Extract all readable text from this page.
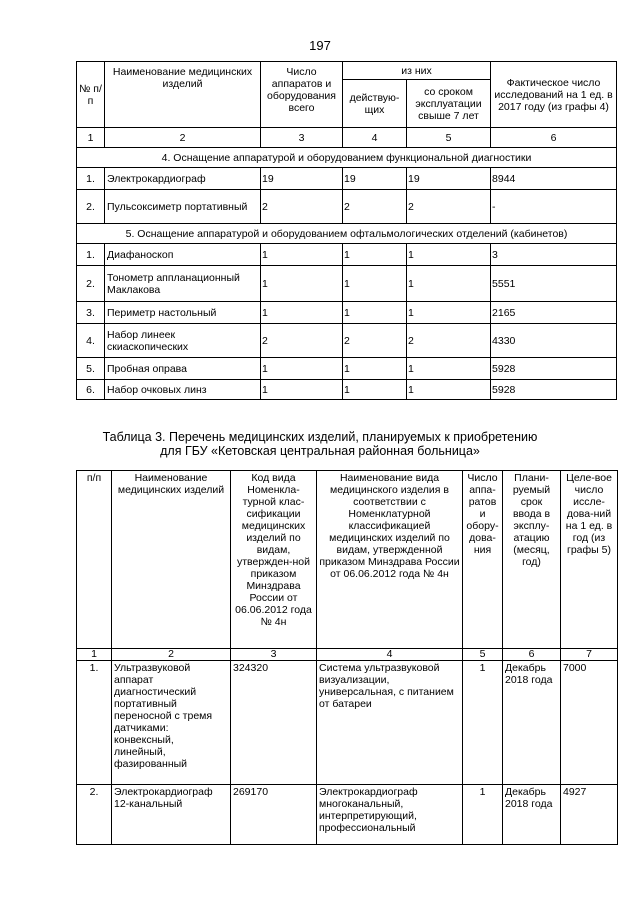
197
№ п/п	Наименование медицинских изделий	Число аппаратов и оборудования всего	из них		Фактическое число исследований на 1 ед. в 2017 году (из графы 4)
			действую-щих	со сроком эксплуатации свыше 7 лет	
1	2	3	4	5	6
4. Оснащение аппаратурой и оборудованием функциональной диагностики					
1.	Электрокардиограф	19	19	19	8944
2.	Пульсоксиметр портативный	2	2	2	-
5. Оснащение аппаратурой и оборудованием офтальмологических отделений (кабинетов)					
1.	Диафаноскоп	1	1	1	3
2.	Тонометр аппланационный Маклакова	1	1	1	5551
3.	Периметр настольный	1	1	1	2165
4.	Набор линеек скиаскопических	2	2	2	4330
5.	Пробная оправа	1	1	1	5928
6.	Набор очковых линз	1	1	1	5928
Таблица 3. Перечень медицинских изделий, планируемых к приобретению
для ГБУ «Кетовская центральная районная больница»
п/п	Наименование медицинских изделий	Код вида Номенкла-турной клас-сификации медицинских изделий по видам, утвержден-ной приказом Минздрава России от 06.06.2012 года № 4н	Наименование вида медицинского изделия в соответствии с Номенклатурной классификацией медицинских изделий по видам, утвержденной приказом Минздрава России от 06.06.2012 года № 4н	Число аппа-ратов и обору-дова-ния	Плани-руемый срок ввода в эксплу-атацию (месяц, год)	Целе-вое число иссле-дова-ний на 1 ед. в год (из графы 5)
1	2	3	4	5	6	7
1.	Ультразвуковой аппарат диагностический портативный переносной с тремя датчиками: конвексный, линейный, фазированный	324320	Система ультразвуковой визуализации, универсальная, с питанием от батареи	1	Декабрь 2018 года	7000
2.	Электрокардиограф 12-канальный	269170	Электрокардиограф многоканальный, интерпретирующий, профессиональный	1	Декабрь 2018 года	4927
